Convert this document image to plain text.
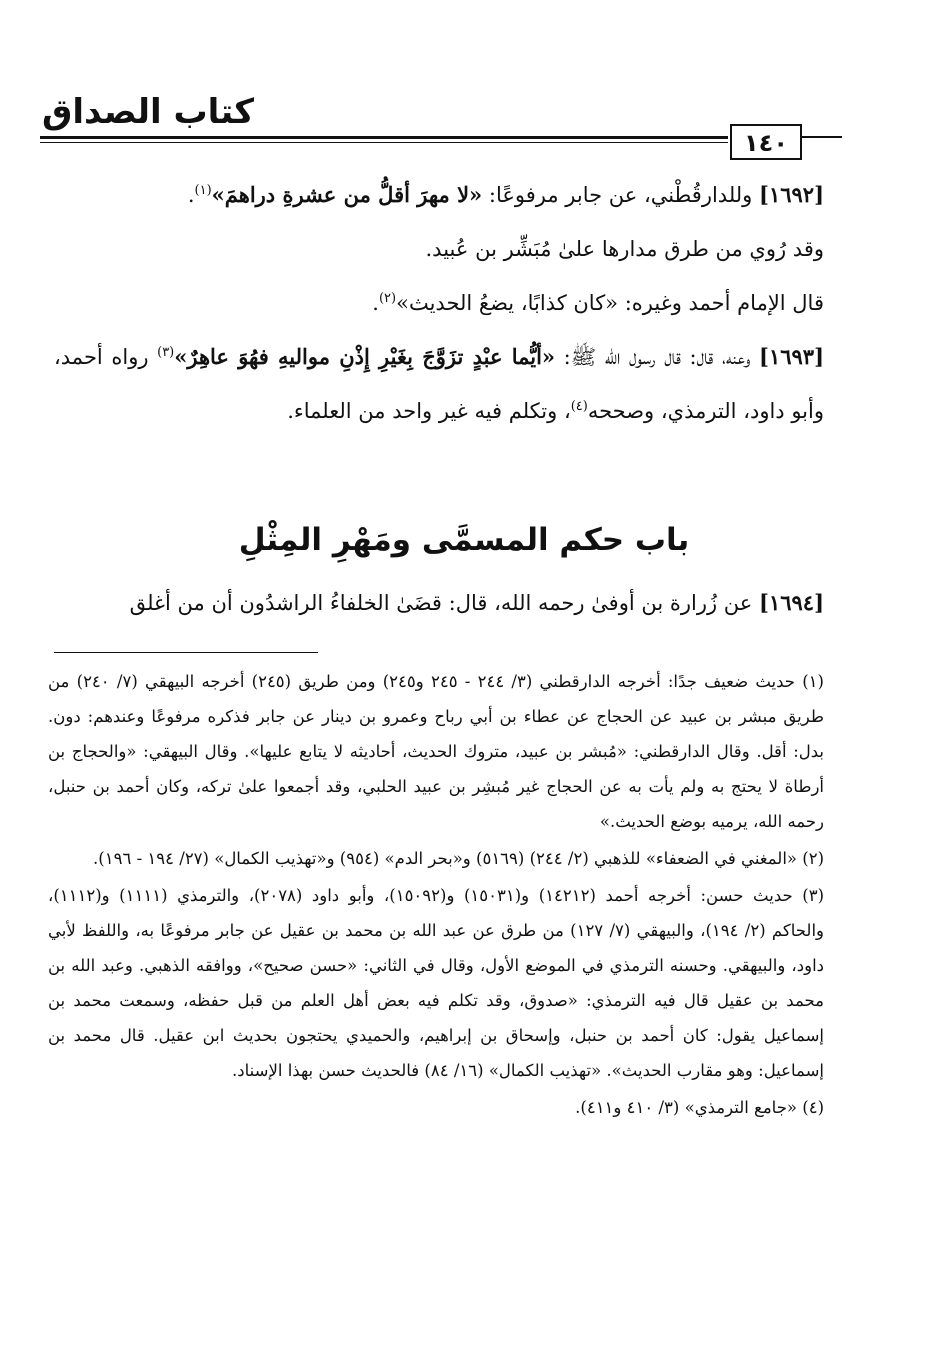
كتاب الصداق
١٤٠

[١٦٩٢] وللدارقُطْني، عن جابر مرفوعًا: «لا مهرَ أقلُّ من عشرةِ دراهمَ»$^{(١)}$.

وقد رُوي من طرق مدارها علىٰ مُبَشِّر بن عُبيد.

قال الإمام أحمد وغيره: «كان كذابًا، يضعُ الحديث»$^{(٢)}$.

[١٦٩٣] وعنه، قال: قال رسول الله ﷺ: «أيُّما عبْدٍ تزَوَّجَ بِغَيْرِ إِذْنِ مواليهِ فهُوَ عاهِرٌ»$^{(٣)}$ رواه أحمد، وأبو داود، الترمذي، وصححه$^{(٤)}$، وتكلم فيه غير واحد من العلماء.

باب حكم المسمَّى ومَهْرِ المِثْلِ

[١٦٩٤] عن زُرارة بن أوفىٰ رحمه الله، قال: قضَىٰ الخلفاءُ الراشدُون أن من أغلق

(١) حديث ضعيف جدًا: أخرجه الدارقطني (٣/ ٢٤٤ - ٢٤٥ و٢٤٥) ومن طريق (٢٤٥) أخرجه البيهقي (٧/ ٢٤٠) من طريق مبشر بن عبيد عن الحجاج عن عطاء بن أبي رباح وعمرو بن دينار عن جابر فذكره مرفوعًا وعندهم: دون. بدل: أقل. وقال الدارقطني: «مُبشر بن عبيد، متروك الحديث، أحاديثه لا يتابع عليها». وقال البيهقي: «والحجاج بن أرطاة لا يحتج به ولم يأت به عن الحجاج غير مُبشِر بن عبيد الحلبي، وقد أجمعوا علىٰ تركه، وكان أحمد بن حنبل، رحمه الله، يرميه بوضع الحديث.»

(٢) «المغني في الضعفاء» للذهبي (٢/ ٢٤٤) (٥١٦٩) و«بحر الدم» (٩٥٤) و«تهذيب الكمال» (٢٧/ ١٩٤ - ١٩٦).

(٣) حديث حسن: أخرجه أحمد (١٤٢١٢) و(١٥٠٣١) و(١٥٠٩٢)، وأبو داود (٢٠٧٨)، والترمذي (١١١١) و(١١١٢)، والحاكم (٢/ ١٩٤)، والبيهقي (٧/ ١٢٧) من طرق عن عبد الله بن محمد بن عقيل عن جابر مرفوعًا به، واللفظ لأبي داود، والبيهقي. وحسنه الترمذي في الموضع الأول، وقال في الثاني: «حسن صحيح»، ووافقه الذهبي. وعبد الله بن محمد بن عقيل قال فيه الترمذي: «صدوق، وقد تكلم فيه بعض أهل العلم من قبل حفظه، وسمعت محمد بن إسماعيل يقول: كان أحمد بن حنبل، وإسحاق بن إبراهيم، والحميدي يحتجون بحديث ابن عقيل. قال محمد بن إسماعيل: وهو مقارب الحديث». «تهذيب الكمال» (١٦/ ٨٤) فالحديث حسن بهذا الإسناد.

(٤) «جامع الترمذي» (٣/ ٤١٠ و٤١١).
